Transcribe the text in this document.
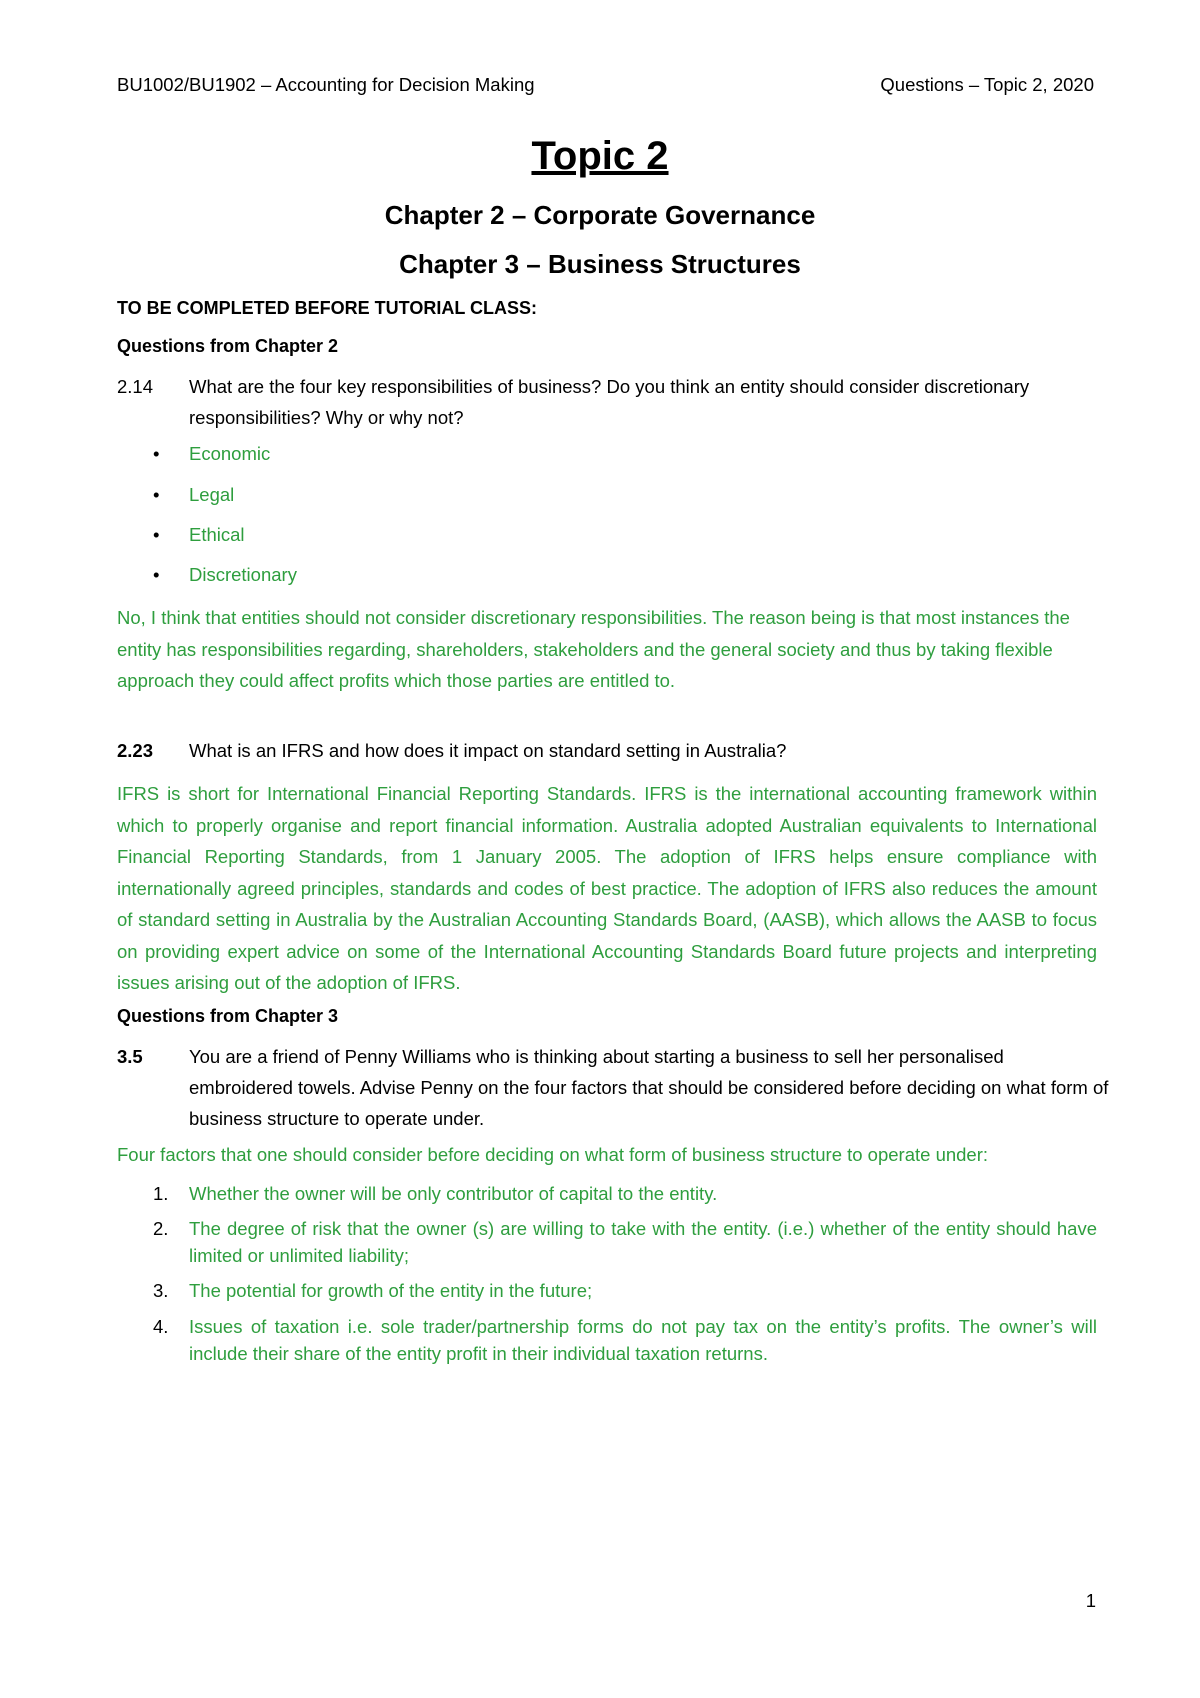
BU1002/BU1902 – Accounting for Decision Making	Questions – Topic 2, 2020
Topic 2
Chapter 2 – Corporate Governance
Chapter 3 – Business Structures
TO BE COMPLETED BEFORE TUTORIAL CLASS:
Questions from Chapter 2
2.14 What are the four key responsibilities of business? Do you think an entity should consider discretionary responsibilities? Why or why not?
• Economic
• Legal
• Ethical
• Discretionary
No, I think that entities should not consider discretionary responsibilities. The reason being is that most instances the entity has responsibilities regarding, shareholders, stakeholders and the general society and thus by taking flexible approach they could affect profits which those parties are entitled to.
2.23 What is an IFRS and how does it impact on standard setting in Australia?
IFRS is short for International Financial Reporting Standards. IFRS is the international accounting framework within which to properly organise and report financial information. Australia adopted Australian equivalents to International Financial Reporting Standards, from 1 January 2005. The adoption of IFRS helps ensure compliance with internationally agreed principles, standards and codes of best practice. The adoption of IFRS also reduces the amount of standard setting in Australia by the Australian Accounting Standards Board, (AASB), which allows the AASB to focus on providing expert advice on some of the International Accounting Standards Board future projects and interpreting issues arising out of the adoption of IFRS.
Questions from Chapter 3
3.5	You are a friend of Penny Williams who is thinking about starting a business to sell her personalised embroidered towels. Advise Penny on the four factors that should be considered before deciding on what form of business structure to operate under.
Four factors that one should consider before deciding on what form of business structure to operate under:
1. Whether the owner will be only contributor of capital to the entity.
2. The degree of risk that the owner (s) are willing to take with the entity. (i.e.) whether of the entity should have limited or unlimited liability;
3. The potential for growth of the entity in the future;
4. Issues of taxation i.e. sole trader/partnership forms do not pay tax on the entity’s profits. The owner’s will include their share of the entity profit in their individual taxation returns.
1
